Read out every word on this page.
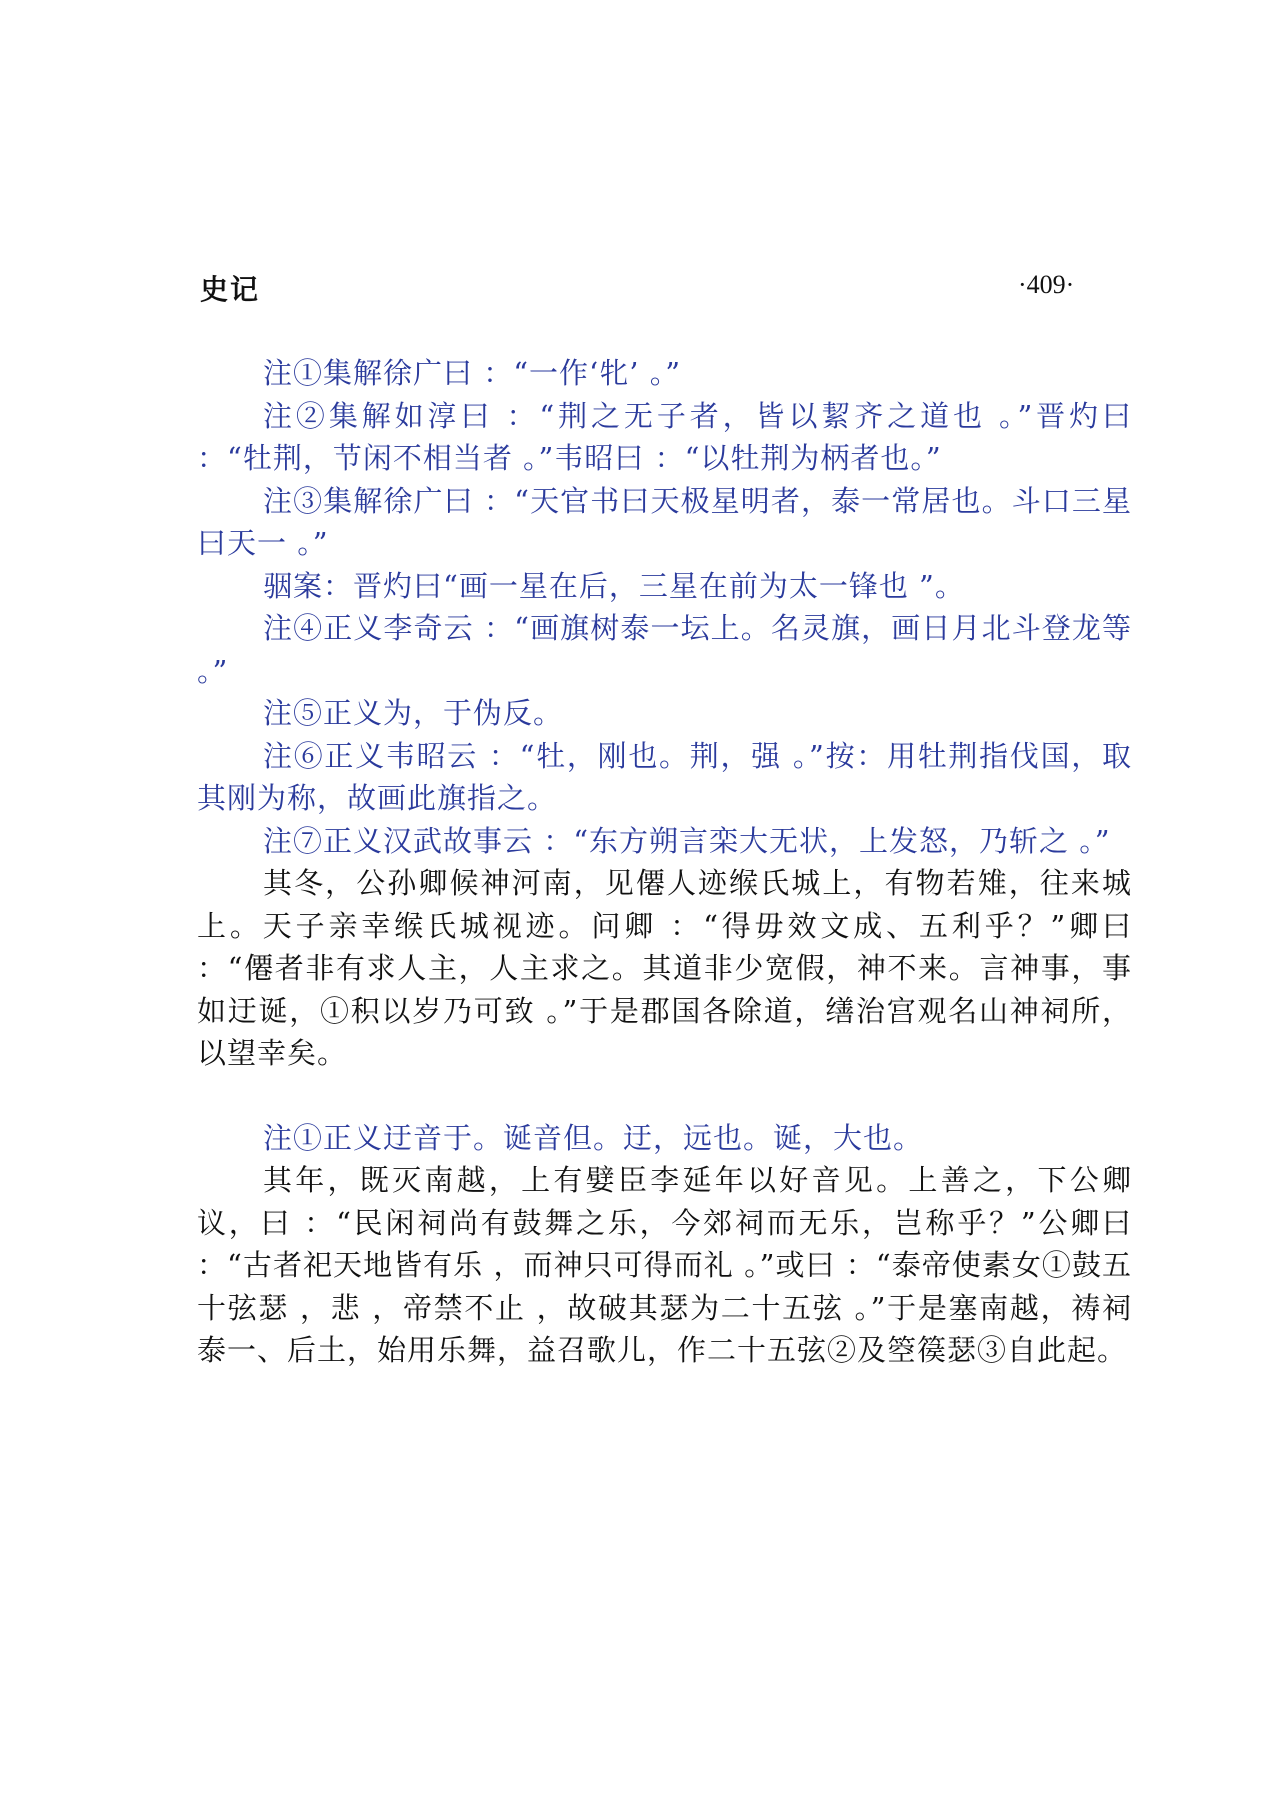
史记	·409·

注①集解徐广曰 ：“一作‘牝’ 。”

注②集解如淳曰 ：“荆之无子者，皆以絜齐之道也 。”晋灼曰 ：“牡荆，节闲不相当者 。”韦昭曰 ：“以牡荆为柄者也。”

注③集解徐广曰 ：“天官书曰天极星明者，泰一常居也。斗口三星曰天一 。”

骃案：晋灼曰“画一星在后，三星在前为太一锋也 ”。

注④正义李奇云 ：“画旗树泰一坛上。名灵旗，画日月北斗登龙等 。”

注⑤正义为，于伪反。

注⑥正义韦昭云 ：“牡，刚也。荆，强 。”按：用牡荆指伐国，取其刚为称，故画此旗指之。

注⑦正义汉武故事云 ：“东方朔言栾大无状，上发怒，乃斩之 。”

其冬，公孙卿候神河南，见僊人迹缑氏城上，有物若雉，往来城上。天子亲幸缑氏城视迹。问卿 ：“得毋效文成、五利乎？”卿曰 ：“僊者非有求人主，人主求之。其道非少宽假，神不来。言神事，事如迂诞，①积以岁乃可致 。”于是郡国各除道，缮治宫观名山神祠所，以望幸矣。

注①正义迂音于。诞音但。迂，远也。诞，大也。

其年，既灭南越，上有嬖臣李延年以好音见。上善之，下公卿议，曰 ：“民闲祠尚有鼓舞之乐，今郊祠而无乐，岂称乎？”公卿曰 ：“古者祀天地皆有乐 ，而神只可得而礼 。”或曰 ：“泰帝使素女①鼓五十弦瑟 ，悲 ，帝禁不止 ，故破其瑟为二十五弦 。”于是塞南越，祷祠泰一、后土，始用乐舞，益召歌儿，作二十五弦②及箜篌瑟③自此起。
